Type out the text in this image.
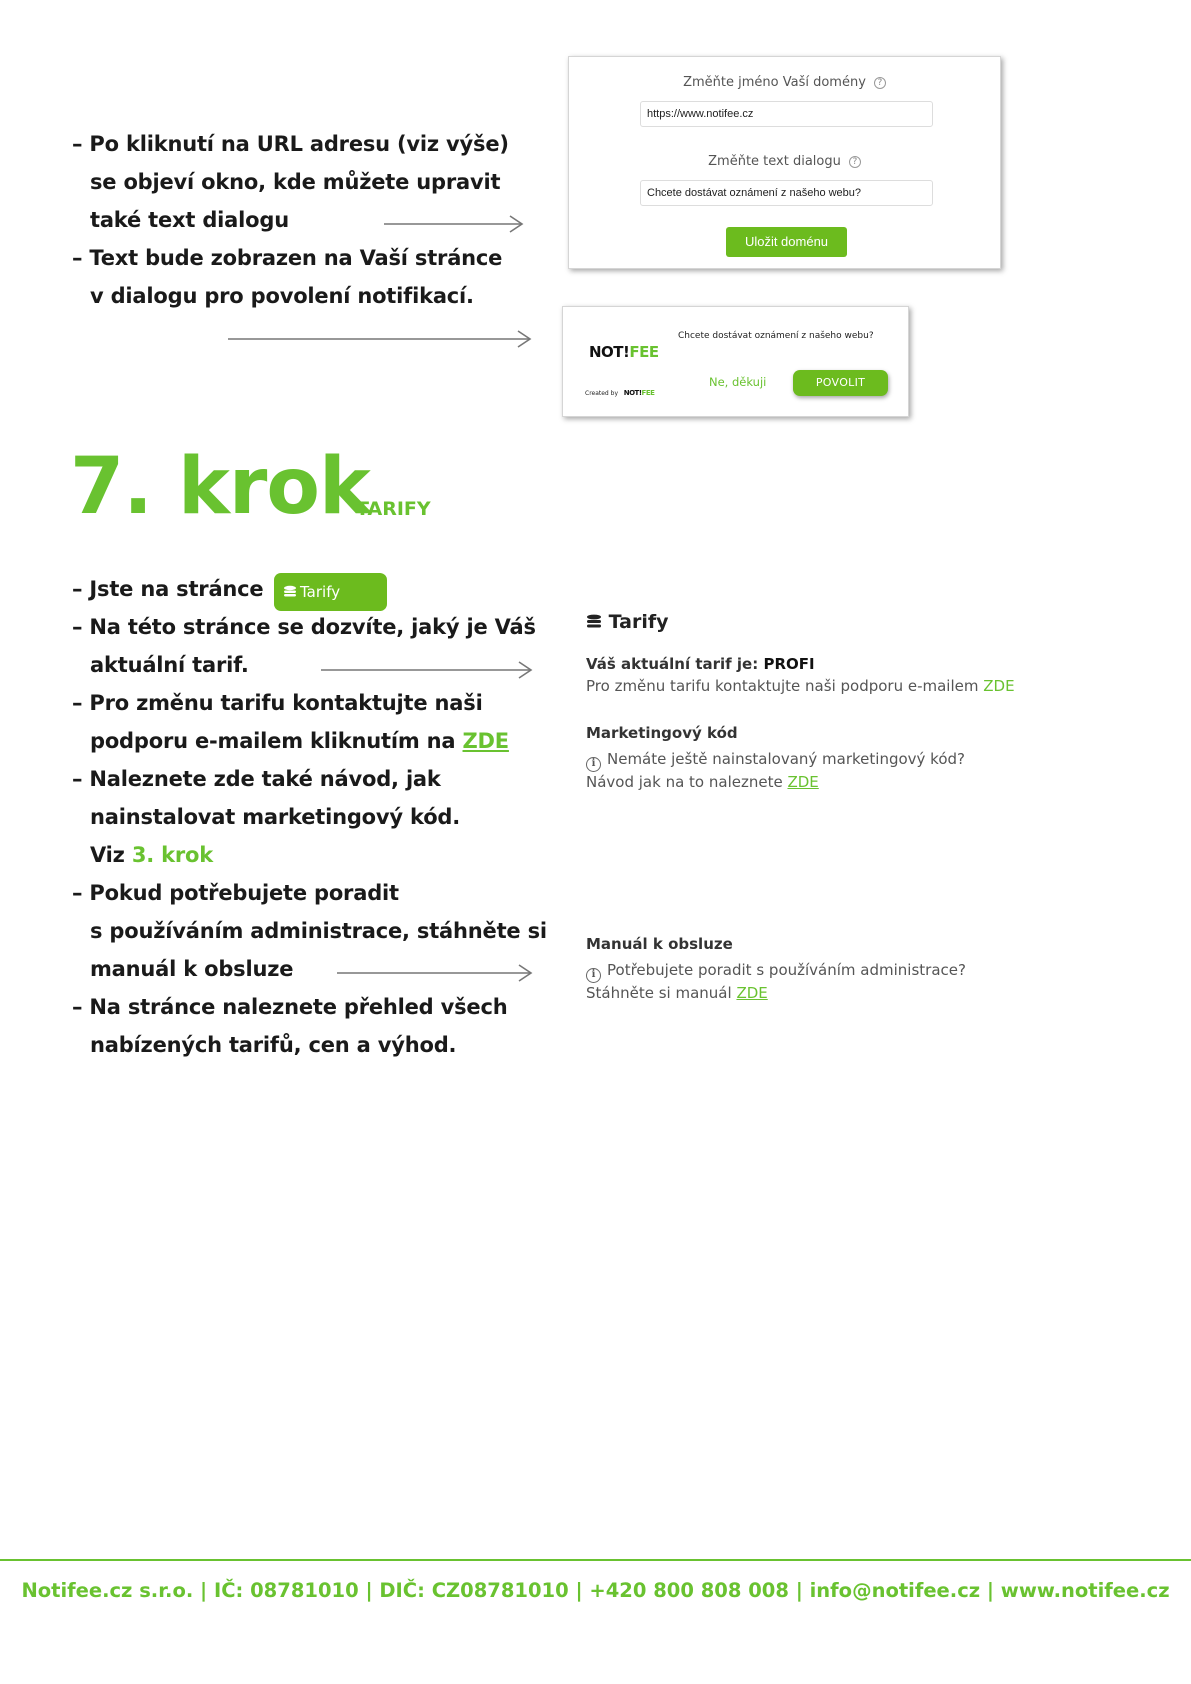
– Po kliknutí na URL adresu (viz výše)
se objeví okno, kde můžete upravit
také text dialogu
– Text bude zobrazen na Vaší stránce
v dialogu pro povolení notifikací.
Změňte jméno Vaší domény ?
https://www.notifee.cz
Změňte text dialogu ?
Chcete dostávat oznámení z našeho webu?
Uložit doménu
NOT!FEE
Chcete dostávat oznámení z našeho webu?
Created by NOT!FEE
Ne, děkuji	POVOLIT
7. krok
TARIFY
– Jste na stránce	Tarify
– Na této stránce se dozvíte, jaký je Váš
aktuální tarif.
– Pro změnu tarifu kontaktujte naši
podporu e-mailem kliknutím na ZDE
– Naleznete zde také návod, jak
nainstalovat marketingový kód.
Viz 3. krok
– Pokud potřebujete poradit
s používáním administrace, stáhněte si
manuál k obsluze
– Na stránce naleznete přehled všech
nabízených tarifů, cen a výhod.
Tarify
Váš aktuální tarif je: PROFI
Pro změnu tarifu kontaktujte naši podporu e-mailem ZDE
Marketingový kód
i Nemáte ještě nainstalovaný marketingový kód?
Návod jak na to naleznete ZDE
Manuál k obsluze
i Potřebujete poradit s používáním administrace?
Stáhněte si manuál ZDE
Notifee.cz s.r.o. | IČ: 08781010 | DIČ: CZ08781010 | +420 800 808 008 | info@notifee.cz | www.notifee.cz
